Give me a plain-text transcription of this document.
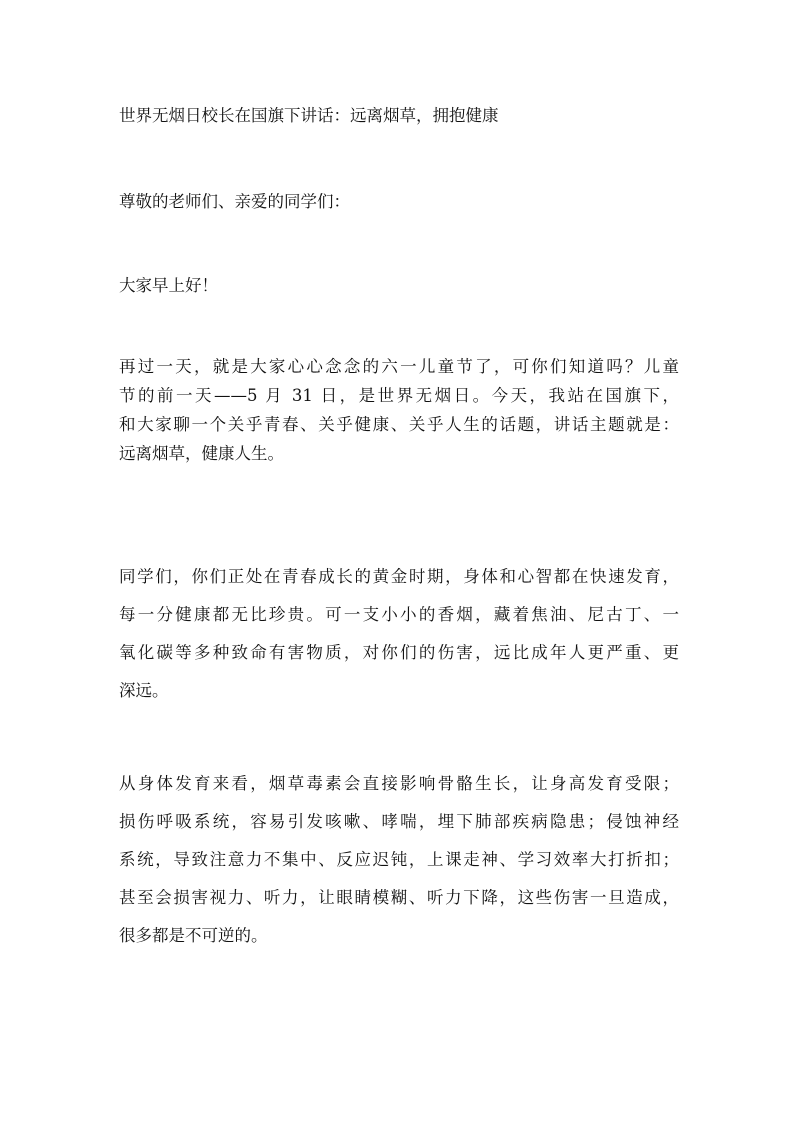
世界无烟日校长在国旗下讲话：远离烟草，拥抱健康
尊敬的老师们、亲爱的同学们：
大家早上好！
再过一天，就是大家心心念念的六一儿童节了，可你们知道吗？儿童
节的前一天——5 月 31 日，是世界无烟日。今天，我站在国旗下，
和大家聊一个关乎青春、关乎健康、关乎人生的话题，讲话主题就是：
远离烟草，健康人生。
同学们，你们正处在青春成长的黄金时期，身体和心智都在快速发育，
每一分健康都无比珍贵。可一支小小的香烟，藏着焦油、尼古丁、一
氧化碳等多种致命有害物质，对你们的伤害，远比成年人更严重、更
深远。
从身体发育来看，烟草毒素会直接影响骨骼生长，让身高发育受限；
损伤呼吸系统，容易引发咳嗽、哮喘，埋下肺部疾病隐患；侵蚀神经
系统，导致注意力不集中、反应迟钝，上课走神、学习效率大打折扣；
甚至会损害视力、听力，让眼睛模糊、听力下降，这些伤害一旦造成，
很多都是不可逆的。
